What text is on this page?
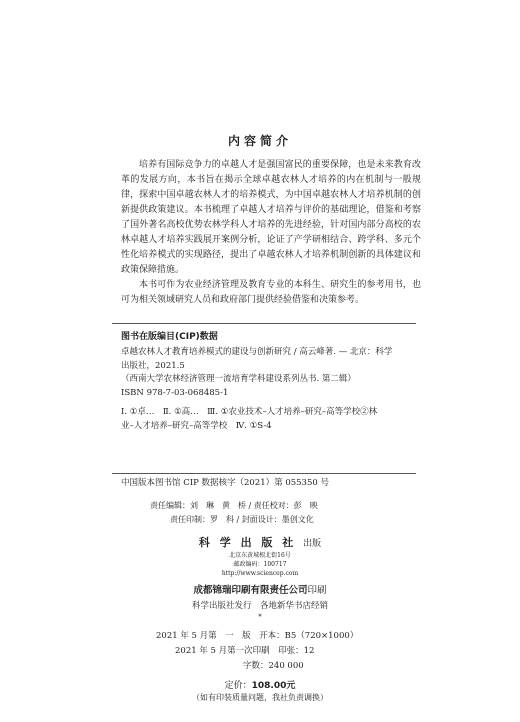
内容简介

培养有国际竞争力的卓越人才是强国富民的重要保障，也是未来教育改革的发展方向，本书旨在揭示全球卓越农林人才培养的内在机制与一般规律，探索中国卓越农林人才的培养模式，为中国卓越农林人才培养机制的创新提供政策建议。本书梳理了卓越人才培养与评价的基础理论，借鉴和考察了国外著名高校优势农林学科人才培养的先进经验，针对国内部分高校的农林卓越人才培养实践展开案例分析，论证了产学研相结合、跨学科、多元个性化培养模式的实现路径，提出了卓越农林人才培养机制创新的具体建议和政策保障措施。

本书可作为农业经济管理及教育专业的本科生、研究生的参考用书，也可为相关领域研究人员和政府部门提供经验借鉴和决策参考。

图书在版编目(CIP)数据
卓越农林人才教育培养模式的建设与创新研究 / 高云峰著. — 北京：科学
出版社，2021.5
（西南大学农林经济管理一流培育学科建设系列丛书. 第二辑）
ISBN 978-7-03-068485-1
Ⅰ. ①卓…　Ⅱ. ①高…　Ⅲ. ①农业技术–人才培养–研究–高等学校②林
业–人才培养–研究–高等学校　Ⅳ. ①S-4
中国版本图书馆 CIP 数据核字（2021）第 055350 号
责任编辑：刘　琳　黄　桥 / 责任校对：彭　映
责任印制：罗　科 / 封面设计：墨创文化
科 学 出 版 社 出版
北京东黄城根北街16号
邮政编码：100717
http://www.sciencep.com
成都锦瑞印刷有限责任公司印刷
科学出版社发行　各地新华书店经销
*
2021 年 5 月第　一　版　开本：B5（720×1000）
2021 年 5 月第一次印刷　印张：12
字数：240 000
定价：108.00元
（如有印装质量问题，我社负责调换）
